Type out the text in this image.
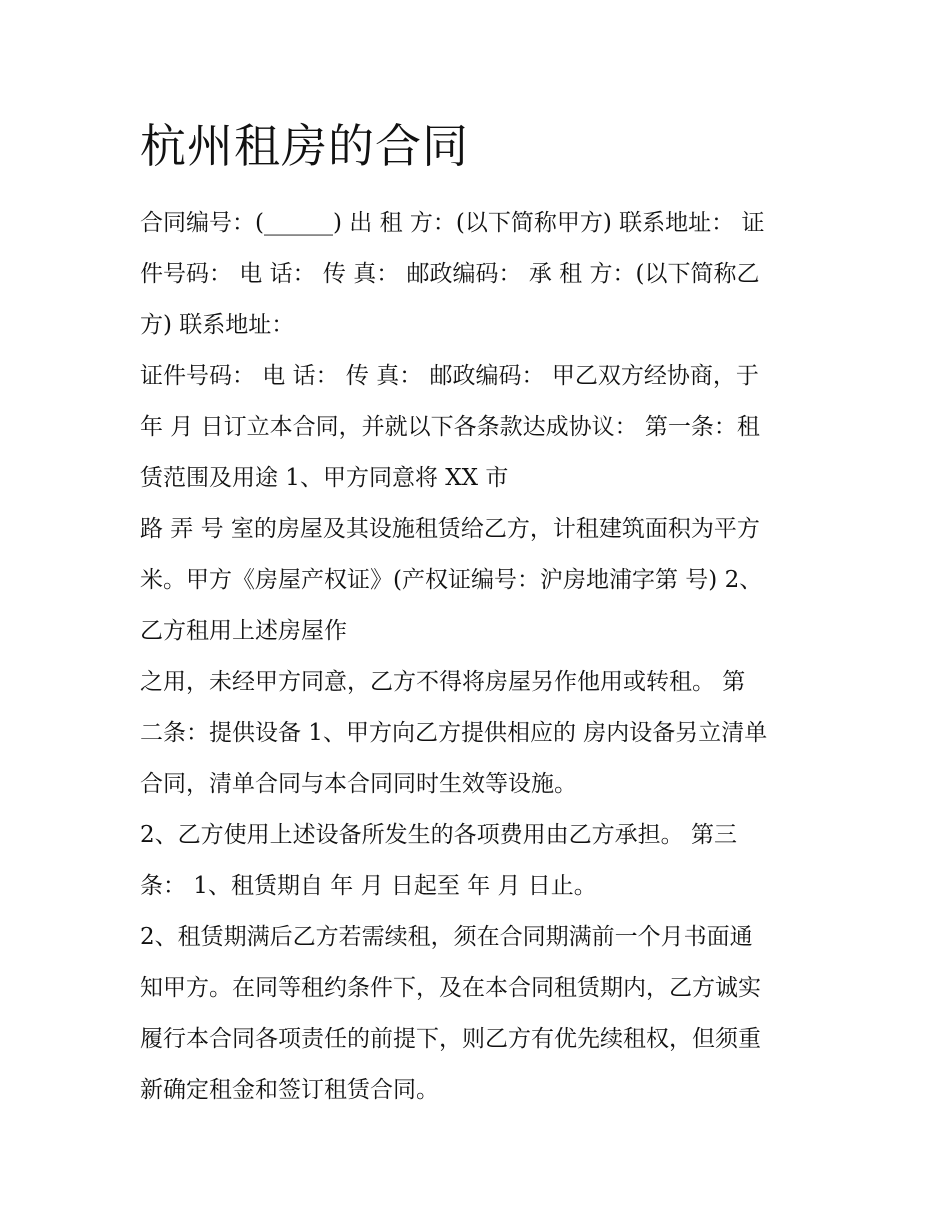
杭州租房的合同

合同编号：(______) 出 租 方：(以下简称甲方) 联系地址： 证
件号码： 电 话： 传 真： 邮政编码： 承 租 方：(以下简称乙
方) 联系地址：

证件号码： 电 话： 传 真： 邮政编码： 甲乙双方经协商，于
年 月 日订立本合同，并就以下各条款达成协议： 第一条：租
赁范围及用途 1、甲方同意将 XX 市

路 弄 号 室的房屋及其设施租赁给乙方，计租建筑面积为平方
米。甲方《房屋产权证》(产权证编号：沪房地浦字第 号) 2、
乙方租用上述房屋作

之用，未经甲方同意，乙方不得将房屋另作他用或转租。 第
二条：提供设备 1、甲方向乙方提供相应的 房内设备另立清单
合同，清单合同与本合同同时生效等设施。

2、乙方使用上述设备所发生的各项费用由乙方承担。 第三
条： 1、租赁期自 年 月 日起至 年 月 日止。

2、租赁期满后乙方若需续租，须在合同期满前一个月书面通
知甲方。在同等租约条件下，及在本合同租赁期内，乙方诚实
履行本合同各项责任的前提下，则乙方有优先续租权，但须重
新确定租金和签订租赁合同。
